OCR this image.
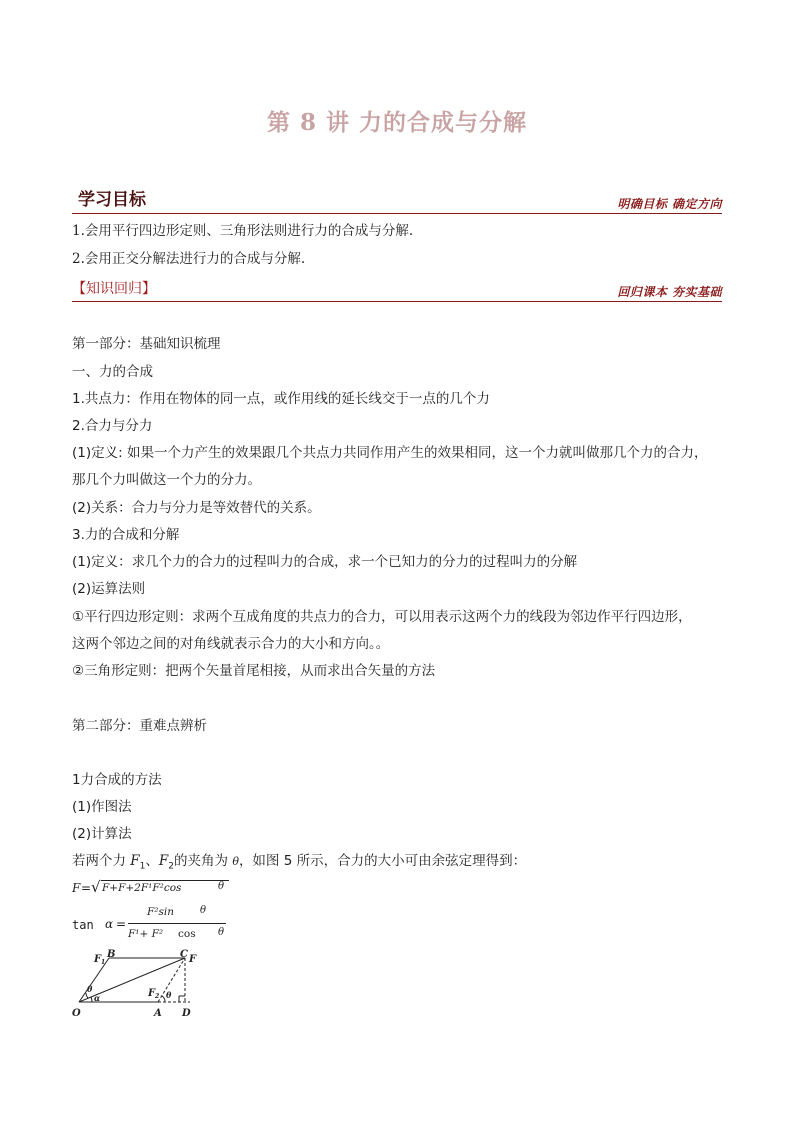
第 8 讲 力的合成与分解
学习目标	明确目标 确定方向
1.会用平行四边形定则、三角形法则进行力的合成与分解.
2.会用正交分解法进行力的合成与分解.
【知识回归】	回归课本 夯实基础
第一部分：基础知识梳理
一、力的合成
1.共点力：作用在物体的同一点，或作用线的延长线交于一点的几个力
2.合力与分力
(1)定义: 如果一个力产生的效果跟几个共点力共同作用产生的效果相同，这一个力就叫做那几个力的合力，
那几个力叫做这一个力的分力。
(2)关系：合力与分力是等效替代的关系。
3.力的合成和分解
(1)定义：求几个力的合力的过程叫力的合成，求一个已知力的分力的过程叫力的分解
(2)运算法则
①平行四边形定则：求两个互成角度的共点力的合力，可以用表示这两个力的线段为邻边作平行四边形，
这两个邻边之间的对角线就表示合力的大小和方向。。
②三角形定则：把两个矢量首尾相接，从而求出合矢量的方法
第二部分：重难点辨析
1力合成的方法
(1)作图法
(2)计算法
若两个力 $F_1$、$F_2$的夹角为 θ，如图 5 所示，合力的大小可由余弦定理得到：
F = √ F+F+2F¹F²cos	θ
tan α =
F²sin	θ
F¹+ F² cos θ
O	A
B	C
D
F
F 1
F 2
θ
α	θ
